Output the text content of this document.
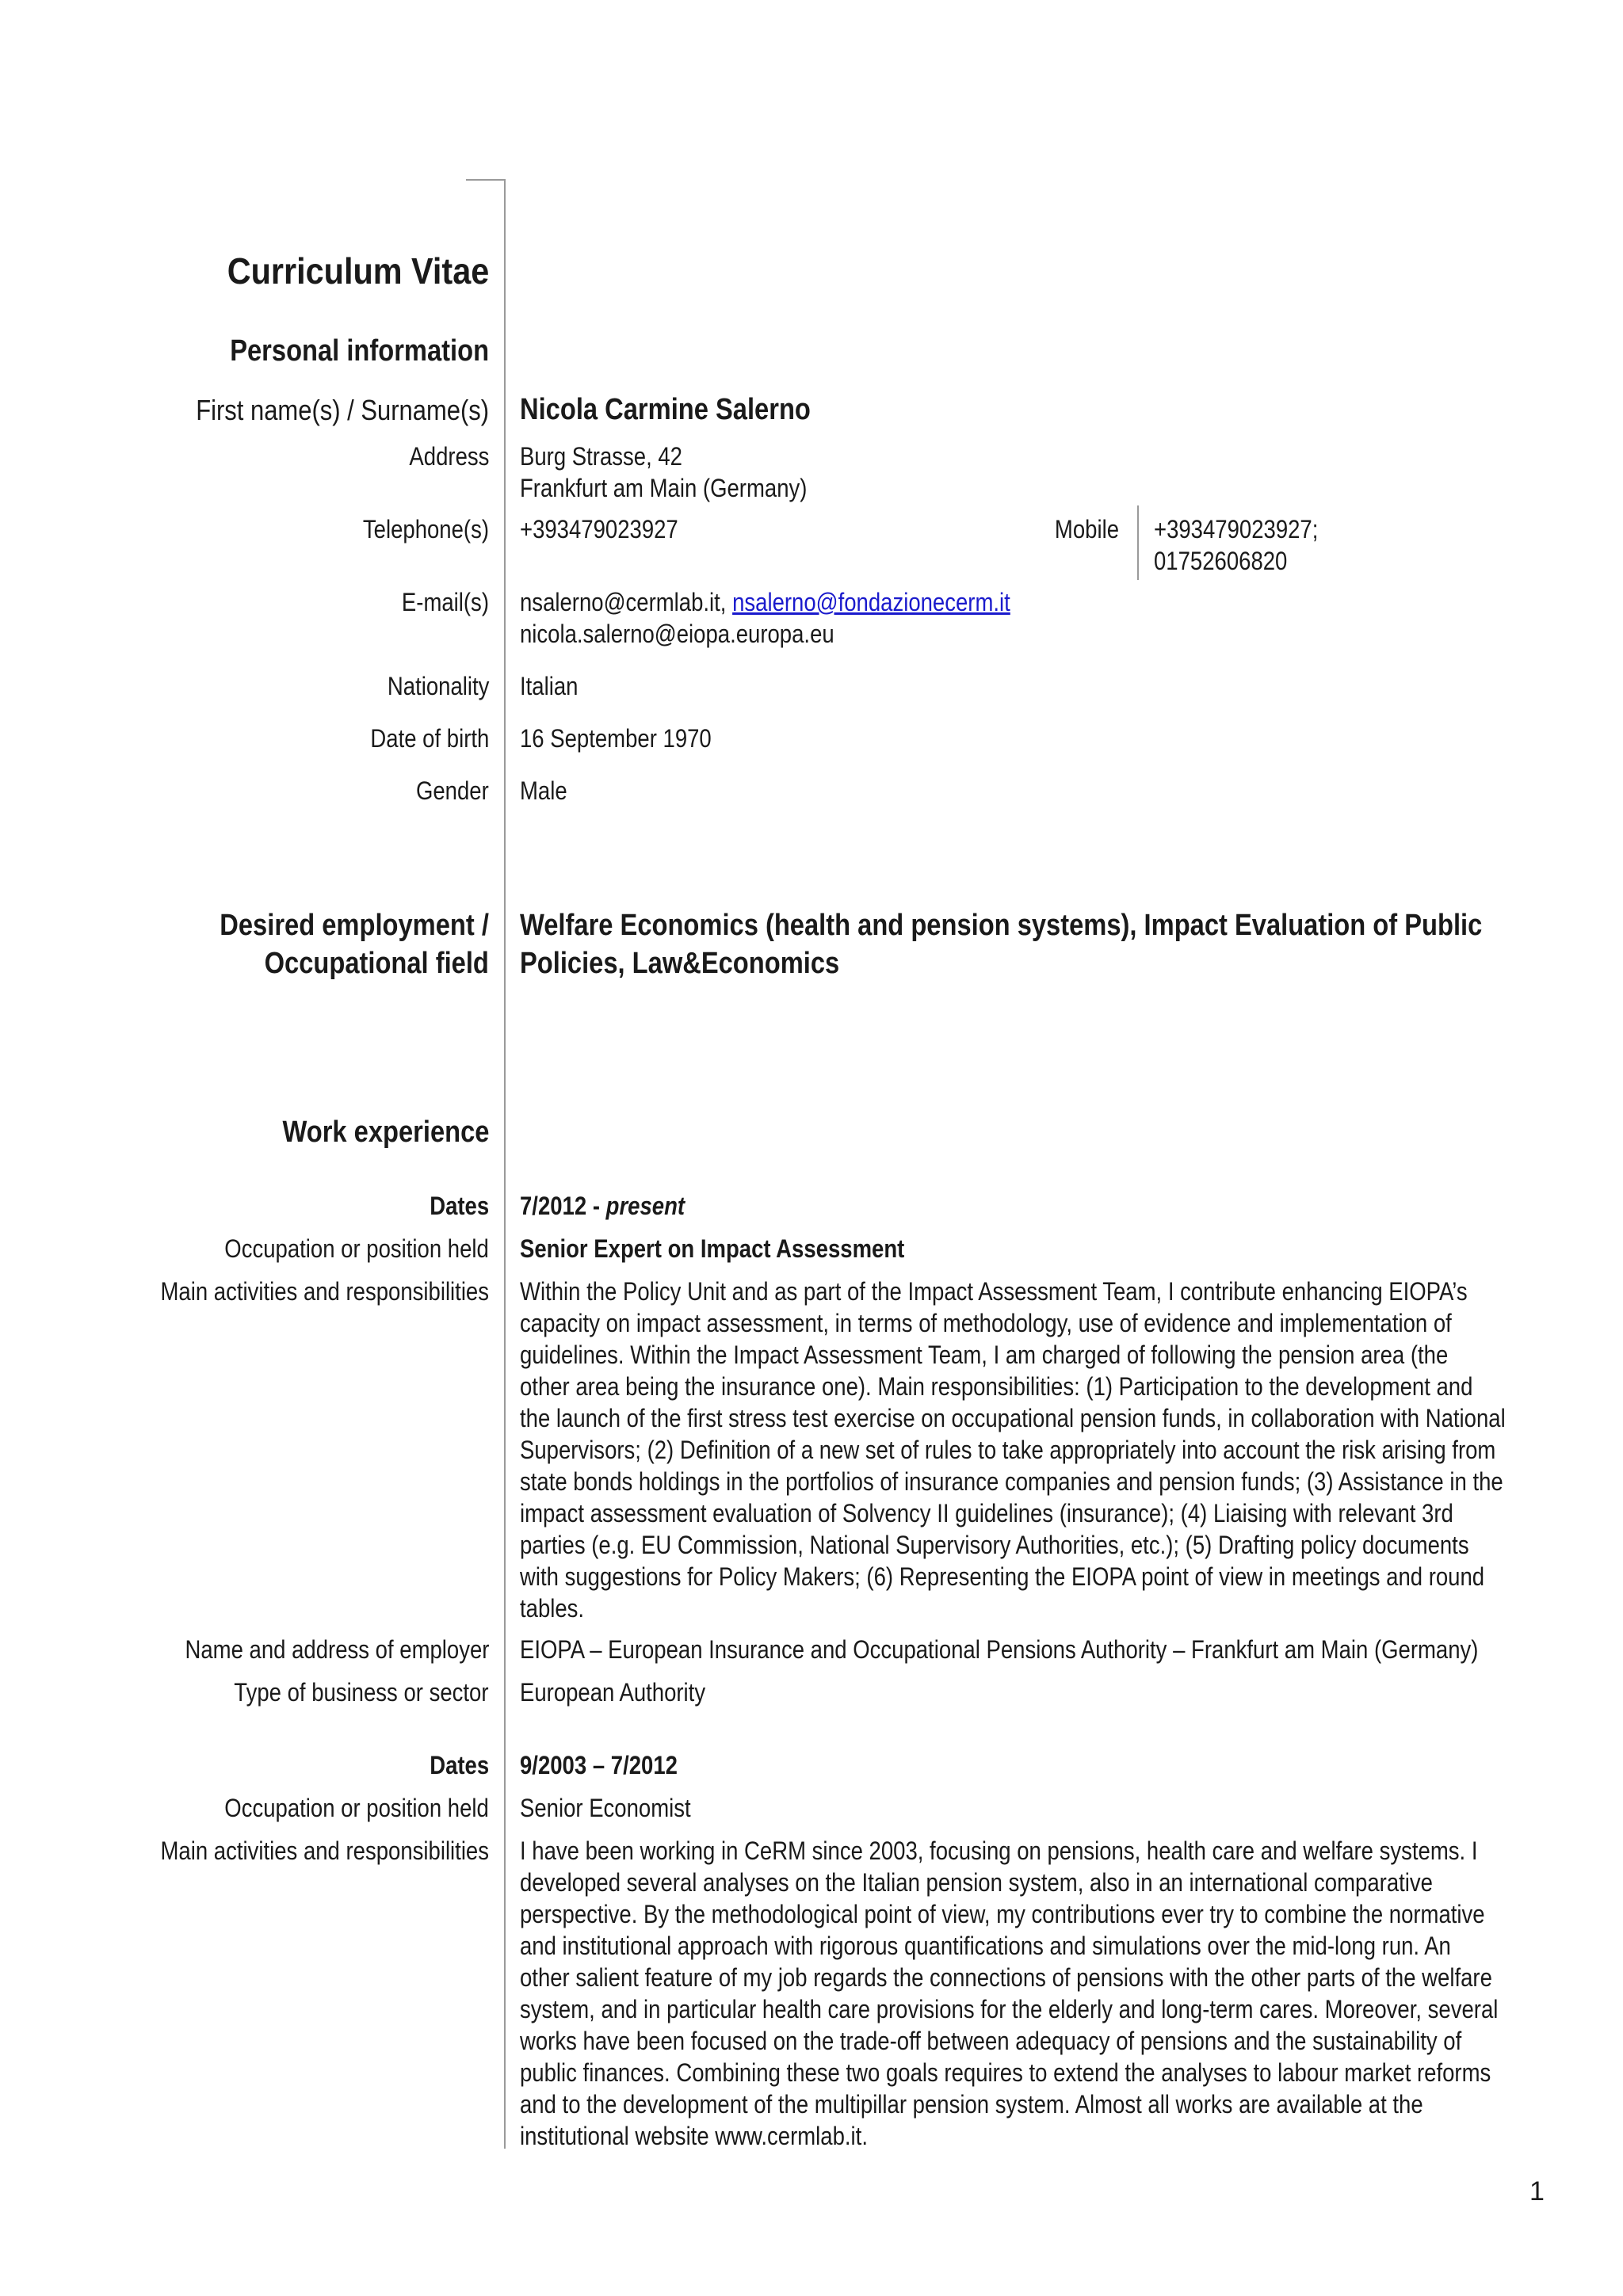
Curriculum Vitae
Personal information
First name(s) / Surname(s) Nicola Carmine Salerno
Address Burg Strasse, 42
Frankfurt am Main (Germany)
Telephone(s) +393479023927	Mobile +393479023927;
01752606820
E-mail(s) nsalerno@cermlab.it, nsalerno@fondazionecerm.it
nicola.salerno@eiopa.europa.eu
Nationality Italian
Date of birth 16 September 1970
Gender Male
Desired employment /
Occupational field
Welfare Economics (health and pension systems), Impact Evaluation of Public
Policies, Law&Economics
Work experience
Dates 7/2012 - present
Occupation or position held Senior Expert on Impact Assessment
Main activities and responsibilities Within the Policy Unit and as part of the Impact Assessment Team, I contribute enhancing EIOPA’s
capacity on impact assessment, in terms of methodology, use of evidence and implementation of
guidelines. Within the Impact Assessment Team, I am charged of following the pension area (the
other area being the insurance one). Main responsibilities: (1) Participation to the development and
the launch of the first stress test exercise on occupational pension funds, in collaboration with National
Supervisors; (2) Definition of a new set of rules to take appropriately into account the risk arising from
state bonds holdings in the portfolios of insurance companies and pension funds; (3) Assistance in the
impact assessment evaluation of Solvency II guidelines (insurance); (4) Liaising with relevant 3rd
parties (e.g. EU Commission, National Supervisory Authorities, etc.); (5) Drafting policy documents
with suggestions for Policy Makers; (6) Representing the EIOPA point of view in meetings and round
tables.
Name and address of employer EIOPA – European Insurance and Occupational Pensions Authority – Frankfurt am Main (Germany)
Type of business or sector European Authority
Dates 9/2003 – 7/2012
Occupation or position held Senior Economist
Main activities and responsibilities I have been working in CeRM since 2003, focusing on pensions, health care and welfare systems. I
developed several analyses on the Italian pension system, also in an international comparative
perspective. By the methodological point of view, my contributions ever try to combine the normative
and institutional approach with rigorous quantifications and simulations over the mid-long run. An
other salient feature of my job regards the connections of pensions with the other parts of the welfare
system, and in particular health care provisions for the elderly and long-term cares. Moreover, several
works have been focused on the trade-off between adequacy of pensions and the sustainability of
public finances. Combining these two goals requires to extend the analyses to labour market reforms
and to the development of the multipillar pension system. Almost all works are available at the
institutional website www.cermlab.it.
1
